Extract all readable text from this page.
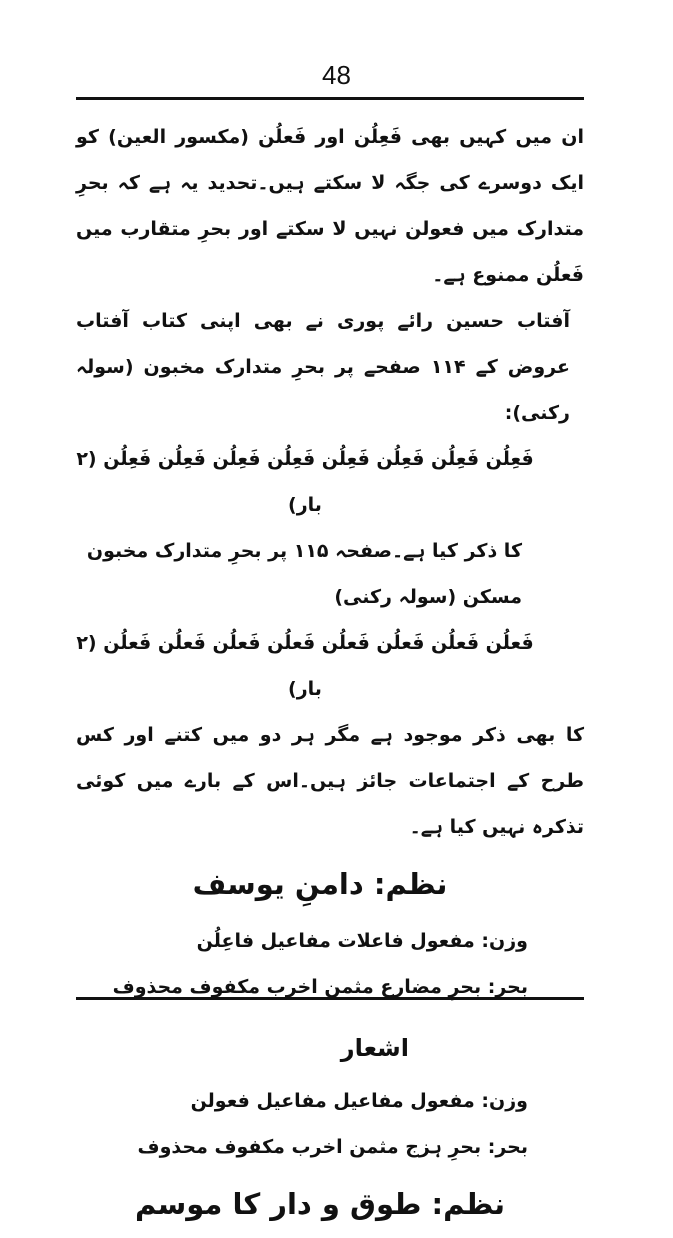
48

ان میں کہیں بھی فَعِلُن اور فَعلُن (مکسور العین) کو ایک دوسرے کی جگہ لا سکتے ہیں۔تحدید یہ ہے کہ بحرِ متدارک میں فعولن نہیں لا سکتے اور بحرِ متقارب میں فَعلُن ممنوع ہے۔

آفتاب حسین رائے پوری نے بھی اپنی کتاب آفتاب عروض کے ۱۱۴ صفحے پر بحرِ متدارک مخبون (سولہ رکنی):

فَعِلُن فَعِلُن فَعِلُن فَعِلُن فَعِلُن فَعِلُن فَعِلُن فَعِلُن (۲ بار)

کا ذکر کیا ہے۔صفحہ ۱۱۵ پر بحرِ متدارک مخبون مسکن (سولہ رکنی)

فَعلُن فَعلُن فَعلُن فَعلُن فَعلُن فَعلُن فَعلُن فَعلُن (۲ بار)

کا بھی ذکر موجود ہے مگر ہر دو میں کتنے اور کس طرح کے اجتماعات جائز ہیں۔اس کے بارے میں کوئی تذکرہ نہیں کیا ہے۔

نظم: دامنِ یوسف

وزن: مفعول فاعلات مفاعیل فاعِلُن

بحر: بحرِ مضارع مثمن اخرب مکفوف محذوف

اشعار

وزن: مفعول مفاعیل مفاعیل فعولن

بحر: بحرِ ہزج مثمن اخرب مکفوف محذوف

نظم: طوق و دار کا موسم
